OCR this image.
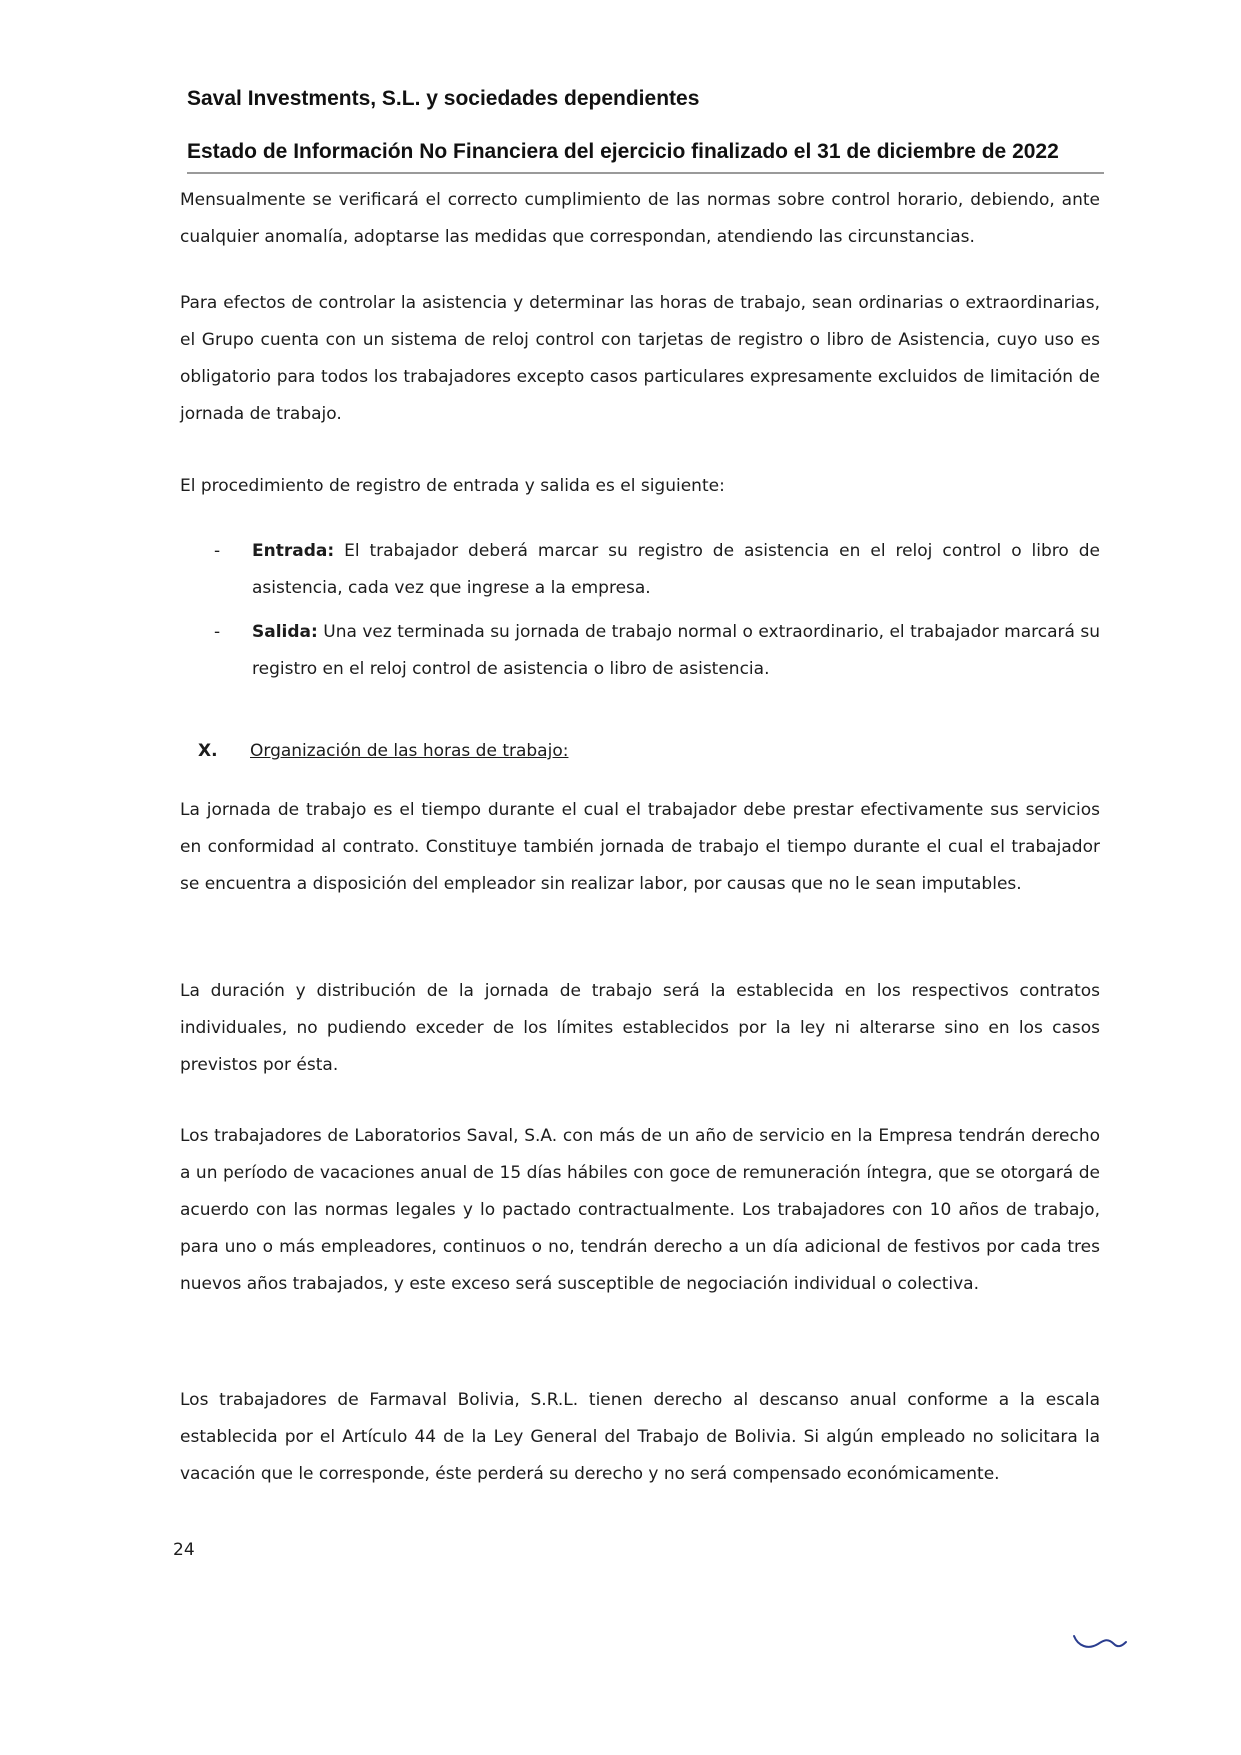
Saval Investments, S.L. y sociedades dependientes
Estado de Información No Financiera del ejercicio finalizado el 31 de diciembre de 2022
Mensualmente se verificará el correcto cumplimiento de las normas sobre control horario, debiendo, ante cualquier anomalía, adoptarse las medidas que correspondan, atendiendo las circunstancias.
Para efectos de controlar la asistencia y determinar las horas de trabajo, sean ordinarias o extraordinarias, el Grupo cuenta con un sistema de reloj control con tarjetas de registro o libro de Asistencia, cuyo uso es obligatorio para todos los trabajadores excepto casos particulares expresamente excluidos de limitación de jornada de trabajo.
El procedimiento de registro de entrada y salida es el siguiente:
- Entrada: El trabajador deberá marcar su registro de asistencia en el reloj control o libro de asistencia, cada vez que ingrese a la empresa.
- Salida: Una vez terminada su jornada de trabajo normal o extraordinario, el trabajador marcará su registro en el reloj control de asistencia o libro de asistencia.
X. Organización de las horas de trabajo:
La jornada de trabajo es el tiempo durante el cual el trabajador debe prestar efectivamente sus servicios en conformidad al contrato. Constituye también jornada de trabajo el tiempo durante el cual el trabajador se encuentra a disposición del empleador sin realizar labor, por causas que no le sean imputables.
La duración y distribución de la jornada de trabajo será la establecida en los respectivos contratos individuales, no pudiendo exceder de los límites establecidos por la ley ni alterarse sino en los casos previstos por ésta.
Los trabajadores de Laboratorios Saval, S.A. con más de un año de servicio en la Empresa tendrán derecho a un período de vacaciones anual de 15 días hábiles con goce de remuneración íntegra, que se otorgará de acuerdo con las normas legales y lo pactado contractualmente. Los trabajadores con 10 años de trabajo, para uno o más empleadores, continuos o no, tendrán derecho a un día adicional de festivos por cada tres nuevos años trabajados, y este exceso será susceptible de negociación individual o colectiva.
Los trabajadores de Farmaval Bolivia, S.R.L. tienen derecho al descanso anual conforme a la escala establecida por el Artículo 44 de la Ley General del Trabajo de Bolivia. Si algún empleado no solicitara la vacación que le corresponde, éste perderá su derecho y no será compensado económicamente.
24
